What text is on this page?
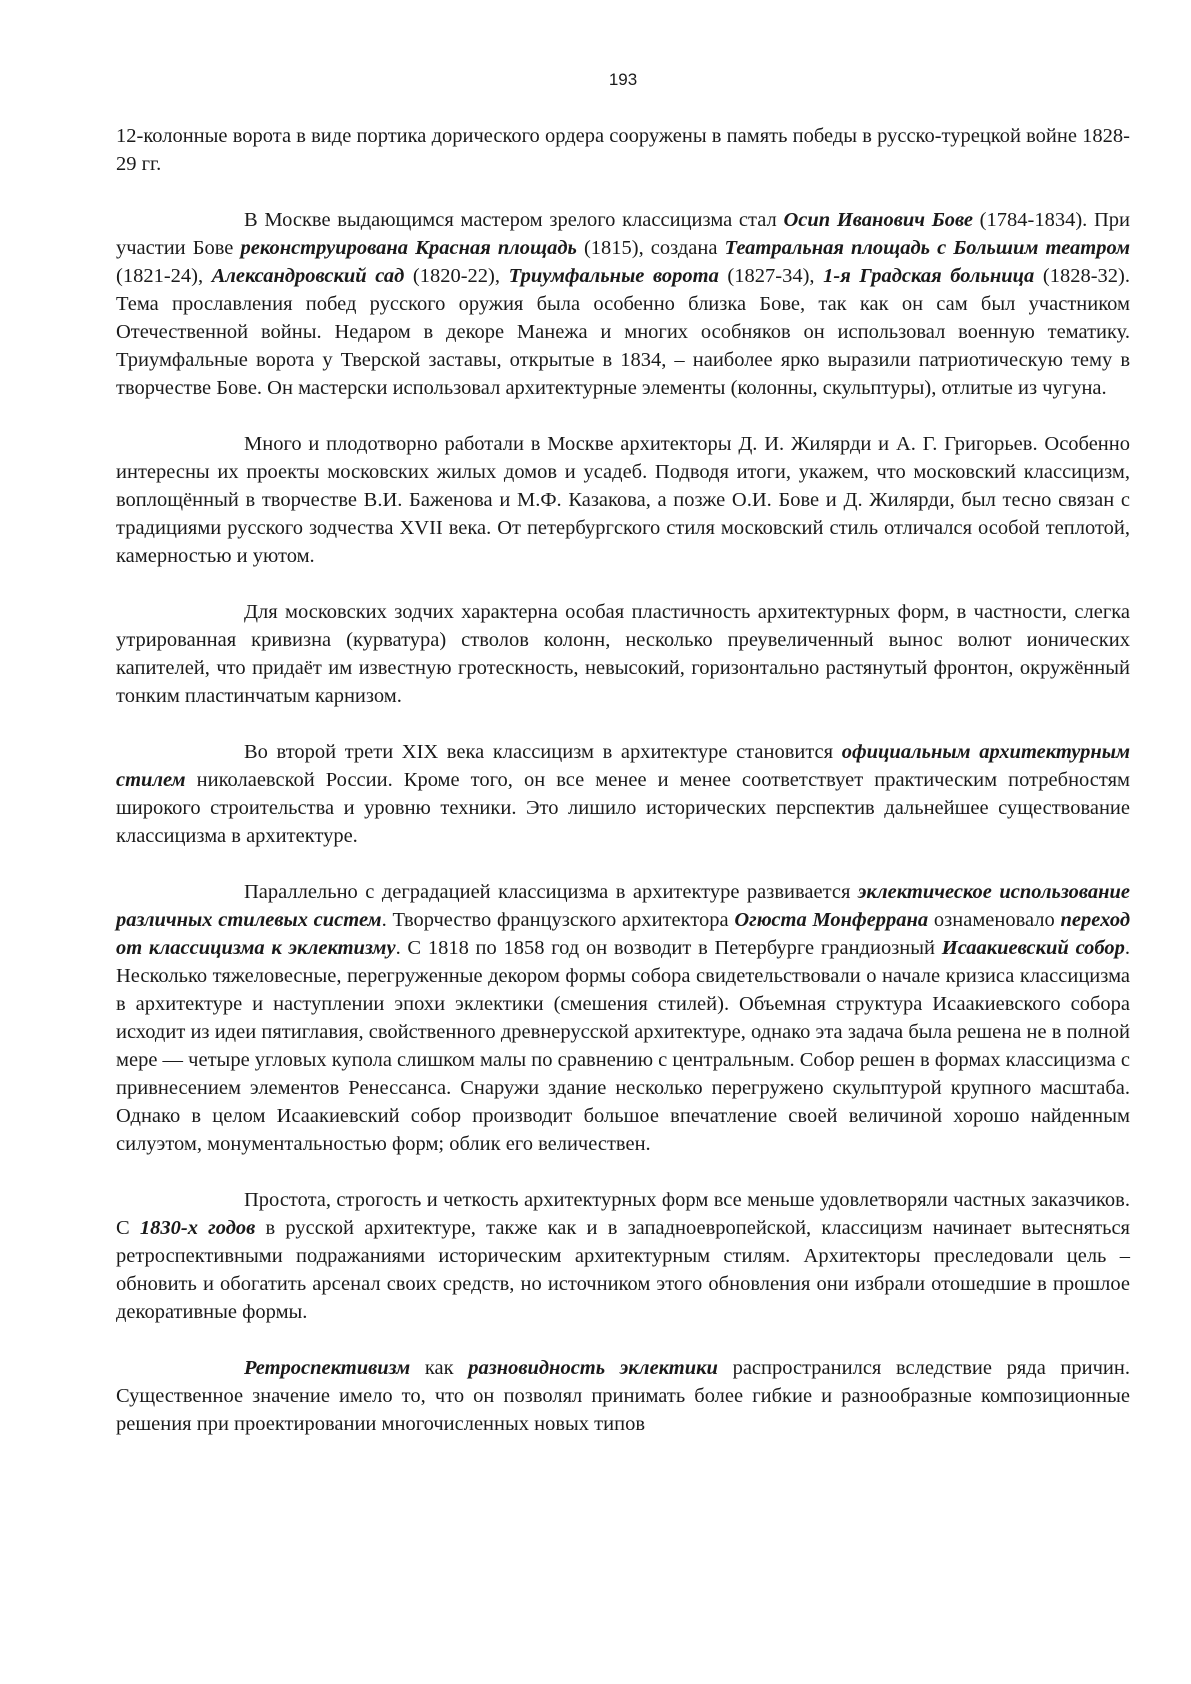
193

12-колонные ворота в виде портика дорического ордера сооружены в память победы в русско-турецкой войне 1828-29 гг.

В Москве выдающимся мастером зрелого классицизма стал Осип Иванович Бове (1784-1834). При участии Бове реконструирована Красная площадь (1815), создана Театральная площадь с Большим театром (1821-24), Александровский сад (1820-22), Триумфальные ворота (1827-34), 1-я Градская больница (1828-32). Тема прославления побед русского оружия была особенно близка Бове, так как он сам был участником Отечественной войны. Недаром в декоре Манежа и многих особняков он использовал военную тематику. Триумфальные ворота у Тверской заставы, открытые в 1834, – наиболее ярко выразили патриотическую тему в творчестве Бове. Он мастерски использовал архитектурные элементы (колонны, скульптуры), отлитые из чугуна.

Много и плодотворно работали в Москве архитекторы Д. И. Жилярди и А. Г. Григорьев. Особенно интересны их проекты московских жилых домов и усадеб. Подводя итоги, укажем, что московский классицизм, воплощённый в творчестве В.И. Баженова и М.Ф. Казакова, а позже О.И. Бове и Д. Жилярди, был тесно связан с традициями русского зодчества XVII века. От петербургского стиля московский стиль отличался особой теплотой, камерностью и уютом.

Для московских зодчих характерна особая пластичность архитектурных форм, в частности, слегка утрированная кривизна (курватура) стволов колонн, несколько преувеличенный вынос волют ионических капителей, что придаёт им известную гротескность, невысокий, горизонтально растянутый фронтон, окружённый тонким пластинчатым карнизом.

Во второй трети XIX века классицизм в архитектуре становится официальным архитектурным стилем николаевской России. Кроме того, он все менее и менее соответствует практическим потребностям широкого строительства и уровню техники. Это лишило исторических перспектив дальнейшее существование классицизма в архитектуре.

Параллельно с деградацией классицизма в архитектуре развивается эклектическое использование различных стилевых систем. Творчество французского архитектора Огюста Монферрана ознаменовало переход от классицизма к эклектизму. С 1818 по 1858 год он возводит в Петербурге грандиозный Исаакиевский собор. Несколько тяжеловесные, перегруженные декором формы собора свидетельствовали о начале кризиса классицизма в архитектуре и наступлении эпохи эклектики (смешения стилей). Объемная структура Исаакиевского собора исходит из идеи пятиглавия, свойственного древнерусской архитектуре, однако эта задача была решена не в полной мере — четыре угловых купола слишком малы по сравнению с центральным. Собор решен в формах классицизма с привнесением элементов Ренессанса. Снаружи здание несколько перегружено скульптурой крупного масштаба. Однако в целом Исаакиевский собор производит большое впечатление своей величиной хорошо найденным силуэтом, монументальностью форм; облик его величествен.

Простота, строгость и четкость архитектурных форм все меньше удовлетворяли частных заказчиков. С 1830-х годов в русской архитектуре, также как и в западноевропейской, классицизм начинает вытесняться ретроспективными подражаниями историческим архитектурным стилям. Архитекторы преследовали цель – обновить и обогатить арсенал своих средств, но источником этого обновления они избрали отошедшие в прошлое декоративные формы.

Ретроспективизм как разновидность эклектики распространился вследствие ряда причин. Существенное значение имело то, что он позволял принимать более гибкие и разнообразные композиционные решения при проектировании многочисленных новых типов
